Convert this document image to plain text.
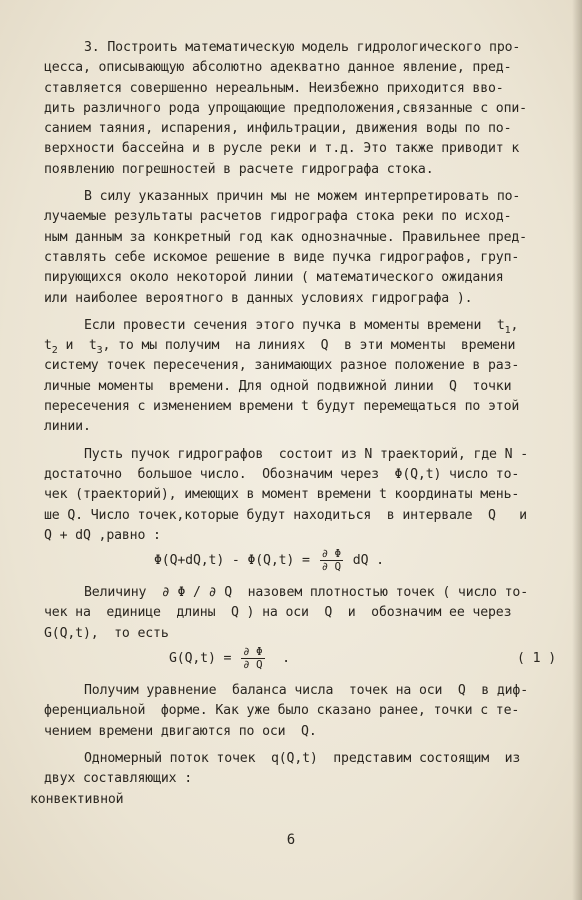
3. Построить математическую модель гидрологического про-
цесса, описывающую абсолютно адекватно данное явление, пред-
ставляется совершенно нереальным. Неизбежно приходится вво-
дить различного рода упрощающие предположения,связанные с опи-
санием таяния, испарения, инфильтрации, движения воды по по-
верхности бассейна и в русле реки и т.д. Это также приводит к
появлению погрешностей в расчете гидрографа стока.
В силу указанных причин мы не можем интерпретировать по-
лучаемые результаты расчетов гидрографа стока реки по исход-
ным данным за конкретный год как однозначные. Правильнее пред-
ставлять себе искомое решение в виде пучка гидрографов, груп-
пирующихся около некоторой линии ( математического ожидания
или наиболее вероятного в данных условиях гидрографа ).
Если провести сечения этого пучка в моменты времени  $t_1$,
$t_2$ и  $t_3$, то мы получим  на линиях  Q  в эти моменты  времени
систему точек пересечения, занимающих разное положение в раз-
личные моменты  времени. Для одной подвижной линии  Q  точки
пересечения с изменением времени t будут перемещаться по этой
линии.
Пусть пучок гидрографов  состоит из N траекторий, где N -
достаточно  большое число.  Обозначим через  Φ(Q,t) число то-
чек (траекторий), имеющих в момент времени t координаты мень-
ше Q. Число точек,которые будут находиться  в интервале  Q   и
Q + dQ ,равно :
$\Phi(Q+dQ,t) - \Phi(Q,t) = \frac{\partial \Phi}{\partial Q}$ dQ .
Величину  ∂ Φ / ∂ Q  назовем плотностью точек ( число то-
чек на  единице  длины  Q ) на оси  Q  и  обозначим ее через
G(Q,t),  то есть
$G(Q,t) = \frac{\partial \Phi}{\partial Q}$ .	( 1 )
Получим уравнение  баланса числа  точек на оси  Q  в диф-
ференциальной  форме. Как уже было сказано ранее, точки с те-
чением времени двигаются по оси  Q.
Одномерный поток точек  q(Q,t)  представим состоящим  из
двух составляющих :
конвективной
6
